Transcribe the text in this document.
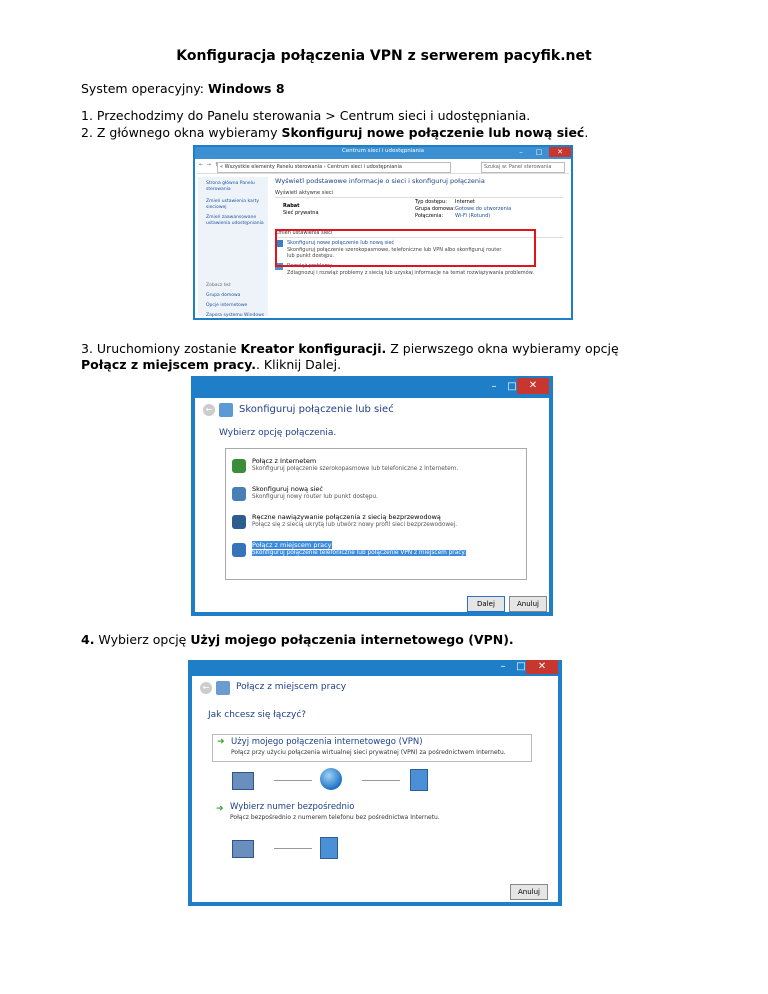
Konfiguracja połączenia VPN z serwerem pacyfik.net
System operacyjny: Windows 8
1. Przechodzimy do Panelu sterowania > Centrum sieci i udostępniania.
2. Z głównego okna wybieramy Skonfiguruj nowe połączenie lub nową sieć.
Centrum sieci i udostępniania	–	□	✕
← → ↑ « Wszystkie elementy Panelu sterowania › Centrum sieci i udostępniania	Szukaj w: Panel sterowania
Strona główna Panelu sterowania
Zmień ustawienia karty sieciowej
Zmień zaawansowane ustawienia udostępniania
Zobacz też
Grupa domowa
Opcje internetowe
Zapora systemu Windows
Wyświetl podstawowe informacje o sieci i skonfiguruj połączenia
Wyświetl aktywne sieci
Rabat
Sieć prywatna
Typ dostępu: Internet
Grupa domowa: Gotowe do utworzenia
Połączenia: Wi-Fi (Rotund)
Zmień ustawienia sieci
Skonfiguruj nowe połączenie lub nową sieć
Skonfiguruj połączenie szerokopasmowe, telefoniczne lub VPN albo skonfiguruj router lub punkt dostępu.
Rozwiąż problemy
Zdiagnozuj i rozwiąż problemy z siecią lub uzyskaj informacje na temat rozwiązywania problemów.
3. Uruchomiony zostanie Kreator konfiguracji. Z pierwszego okna wybieramy opcję
Połącz z miejscem pracy.. Kliknij Dalej.
–	□	✕
←	Skonfiguruj połączenie lub sieć
Wybierz opcję połączenia.
Połącz z Internetem
Skonfiguruj połączenie szerokopasmowe lub telefoniczne z Internetem.
Skonfiguruj nową sieć
Skonfiguruj nowy router lub punkt dostępu.
Ręczne nawiązywanie połączenia z siecią bezprzewodową
Połącz się z siecią ukrytą lub utwórz nowy profil sieci bezprzewodowej.
Połącz z miejscem pracy
Skonfiguruj połączenie telefoniczne lub połączenie VPN z miejscem pracy.
Dalej	Anuluj
4. Wybierz opcję Użyj mojego połączenia internetowego (VPN).
–	□	✕
←	Połącz z miejscem pracy
Jak chcesz się łączyć?
➜ Użyj mojego połączenia internetowego (VPN)
Połącz przy użyciu połączenia wirtualnej sieci prywatnej (VPN) za pośrednictwem Internetu.
➜ Wybierz numer bezpośrednio
Połącz bezpośrednio z numerem telefonu bez pośrednictwa Internetu.
Anuluj
